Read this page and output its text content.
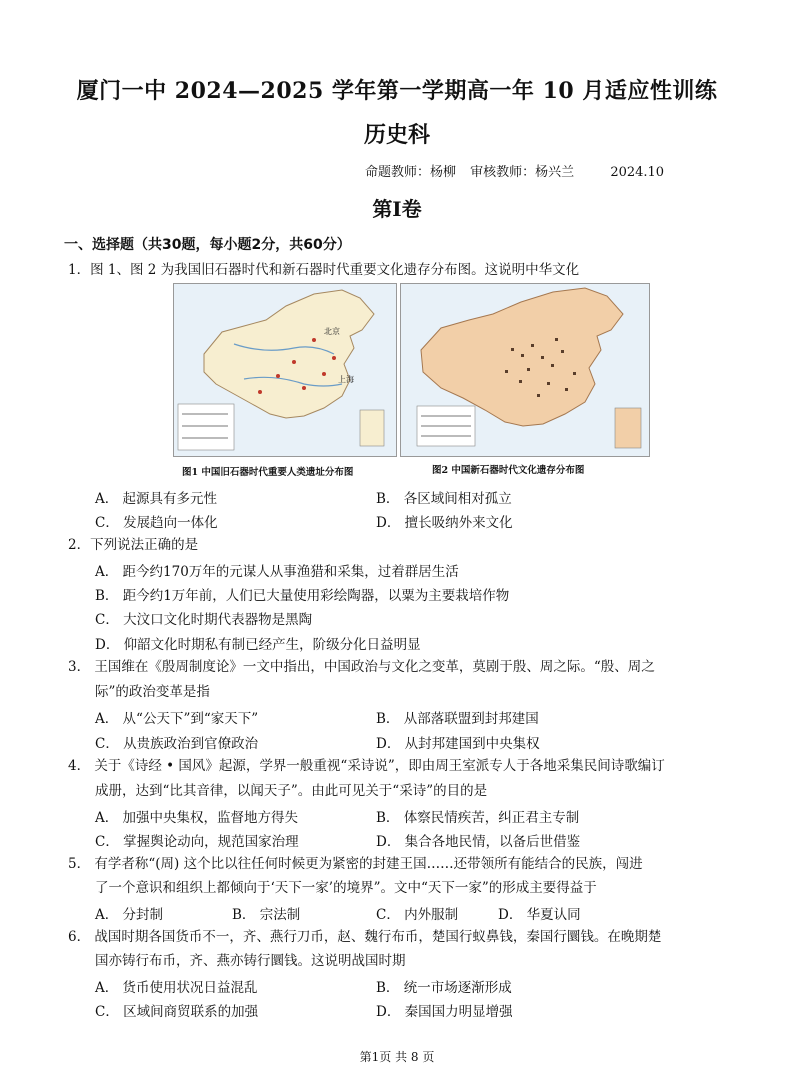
厦门一中 2024—2025 学年第一学期高一年 10 月适应性训练
历史科
命题教师：杨柳 审核教师：杨兴兰	2024.10
第Ⅰ卷
一、选择题（共30题，每小题2分，共60分）
1．图 1、图 2 为我国旧石器时代和新石器时代重要文化遗存分布图。这说明中华文化
北京
上海
图1 中国旧石器时代重要人类遗址分布图	图2 中国新石器时代文化遗存分布图
A． 起源具有多元性	B． 各区域间相对孤立
C． 发展趋向一体化	D． 擅长吸纳外来文化
2．下列说法正确的是
A． 距今约170万年的元谋人从事渔猎和采集，过着群居生活
B． 距今约1万年前，人们已大量使用彩绘陶器，以粟为主要栽培作物
C． 大汶口文化时期代表器物是黑陶
D． 仰韶文化时期私有制已经产生，阶级分化日益明显
3． 王国维在《殷周制度论》一文中指出，中国政治与文化之变革，莫剧于殷、周之际。“殷、周之
际”的政治变革是指
A． 从“公天下”到“家天下”	B． 从部落联盟到封邦建国
C． 从贵族政治到官僚政治	D． 从封邦建国到中央集权
4． 关于《诗经 • 国风》起源，学界一般重视“采诗说”，即由周王室派专人于各地采集民间诗歌编订
成册，达到“比其音律，以闻天子”。由此可见关于“采诗”的目的是
A． 加强中央集权，监督地方得失	B． 体察民情疾苦，纠正君主专制
C． 掌握舆论动向，规范国家治理	D． 集合各地民情，以备后世借鉴
5． 有学者称“(周) 这个比以往任何时候更为紧密的封建王国……还带领所有能结合的民族，闯进
了一个意识和组织上都倾向于‘天下一家’的境界”。文中“天下一家”的形成主要得益于
A． 分封制	B． 宗法制	C． 内外服制	D． 华夏认同
6． 战国时期各国货币不一，齐、燕行刀币，赵、魏行布币，楚国行蚁鼻钱，秦国行圜钱。在晚期楚
国亦铸行布币，齐、燕亦铸行圜钱。这说明战国时期
A． 货币使用状况日益混乱	B． 统一市场逐渐形成
C． 区域间商贸联系的加强	D． 秦国国力明显增强
第1页 共 8 页
